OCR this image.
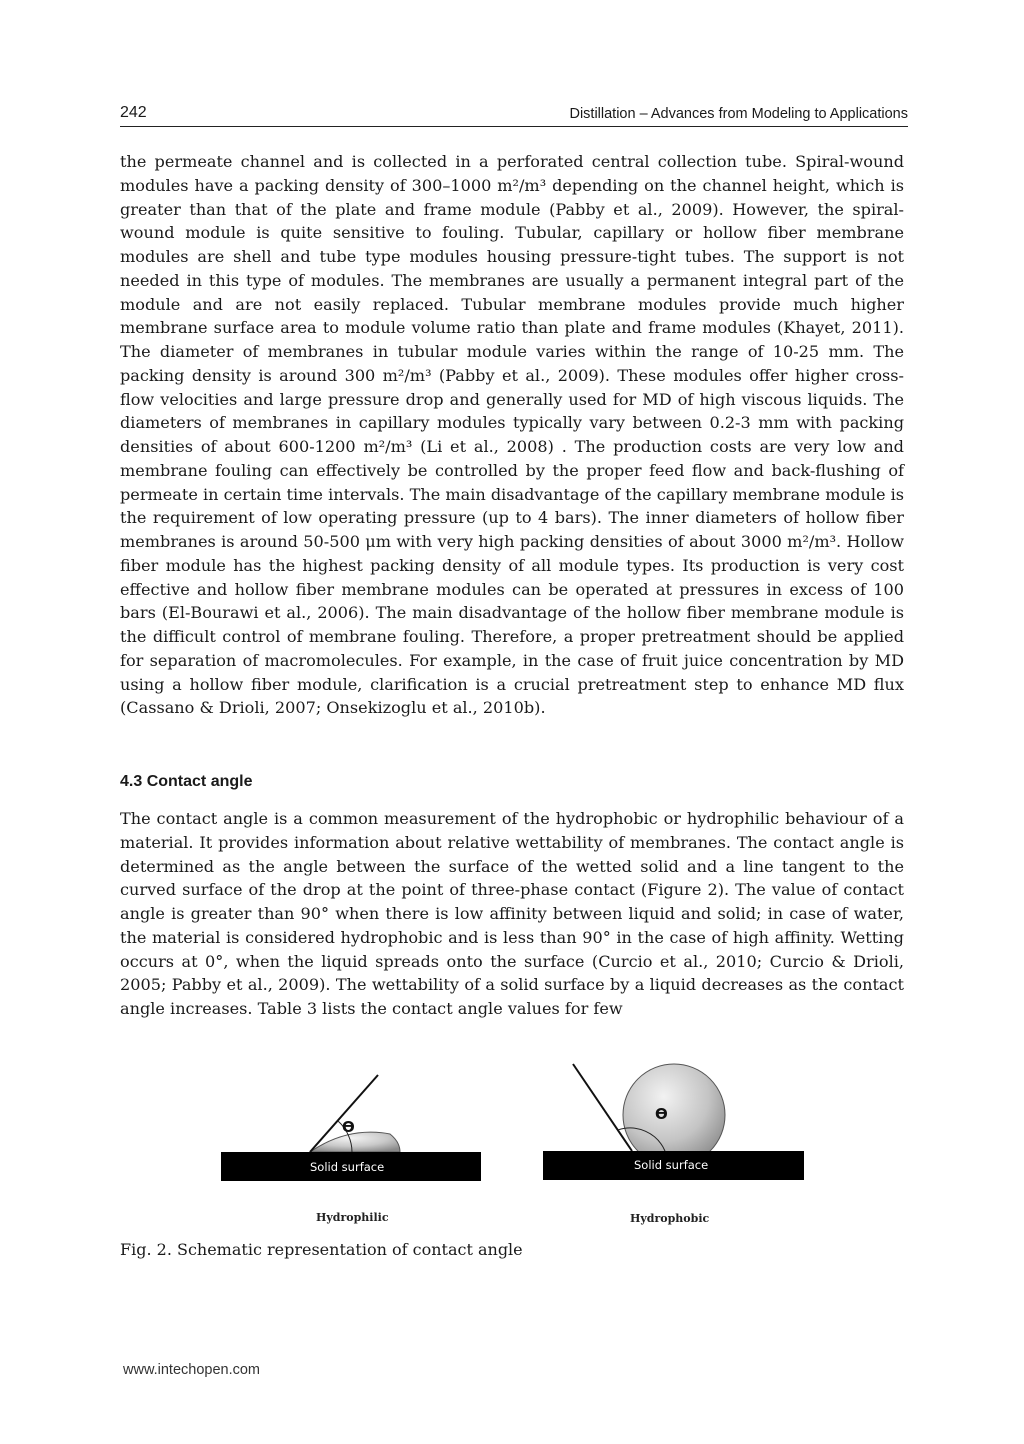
242	Distillation – Advances from Modeling to Applications

the permeate channel and is collected in a perforated central collection tube. Spiral-wound modules have a packing density of 300–1000 m²/m³ depending on the channel height, which is greater than that of the plate and frame module (Pabby et al., 2009). However, the spiral-wound module is quite sensitive to fouling. Tubular, capillary or hollow fiber membrane modules are shell and tube type modules housing pressure-tight tubes. The support is not needed in this type of modules. The membranes are usually a permanent integral part of the module and are not easily replaced. Tubular membrane modules provide much higher membrane surface area to module volume ratio than plate and frame modules (Khayet, 2011). The diameter of membranes in tubular module varies within the range of 10-25 mm. The packing density is around 300 m²/m³ (Pabby et al., 2009). These modules offer higher cross-flow velocities and large pressure drop and generally used for MD of high viscous liquids. The diameters of membranes in capillary modules typically vary between 0.2-3 mm with packing densities of about 600-1200 m²/m³ (Li et al., 2008) . The production costs are very low and membrane fouling can effectively be controlled by the proper feed flow and back-flushing of permeate in certain time intervals. The main disadvantage of the capillary membrane module is the requirement of low operating pressure (up to 4 bars). The inner diameters of hollow fiber membranes is around 50-500 μm with very high packing densities of about 3000 m²/m³. Hollow fiber module has the highest packing density of all module types. Its production is very cost effective and hollow fiber membrane modules can be operated at pressures in excess of 100 bars (El-Bourawi et al., 2006). The main disadvantage of the hollow fiber membrane module is the difficult control of membrane fouling. Therefore, a proper pretreatment should be applied for separation of macromolecules. For example, in the case of fruit juice concentration by MD using a hollow fiber module, clarification is a crucial pretreatment step to enhance MD flux (Cassano & Drioli, 2007; Onsekizoglu et al., 2010b).

4.3 Contact angle

The contact angle is a common measurement of the hydrophobic or hydrophilic behaviour of a material. It provides information about relative wettability of membranes. The contact angle is determined as the angle between the surface of the wetted solid and a line tangent to the curved surface of the drop at the point of three-phase contact (Figure 2). The value of contact angle is greater than 90° when there is low affinity between liquid and solid; in case of water, the material is considered hydrophobic and is less than 90° in the case of high affinity. Wetting occurs at 0°, when the liquid spreads onto the surface (Curcio et al., 2010; Curcio & Drioli, 2005; Pabby et al., 2009). The wettability of a solid surface by a liquid decreases as the contact angle increases. Table 3 lists the contact angle values for few

ϴ
Solid surface
Hydrophilic
ϴ
Solid surface
Hydrophobic

Fig. 2. Schematic representation of contact angle

www.intechopen.com
